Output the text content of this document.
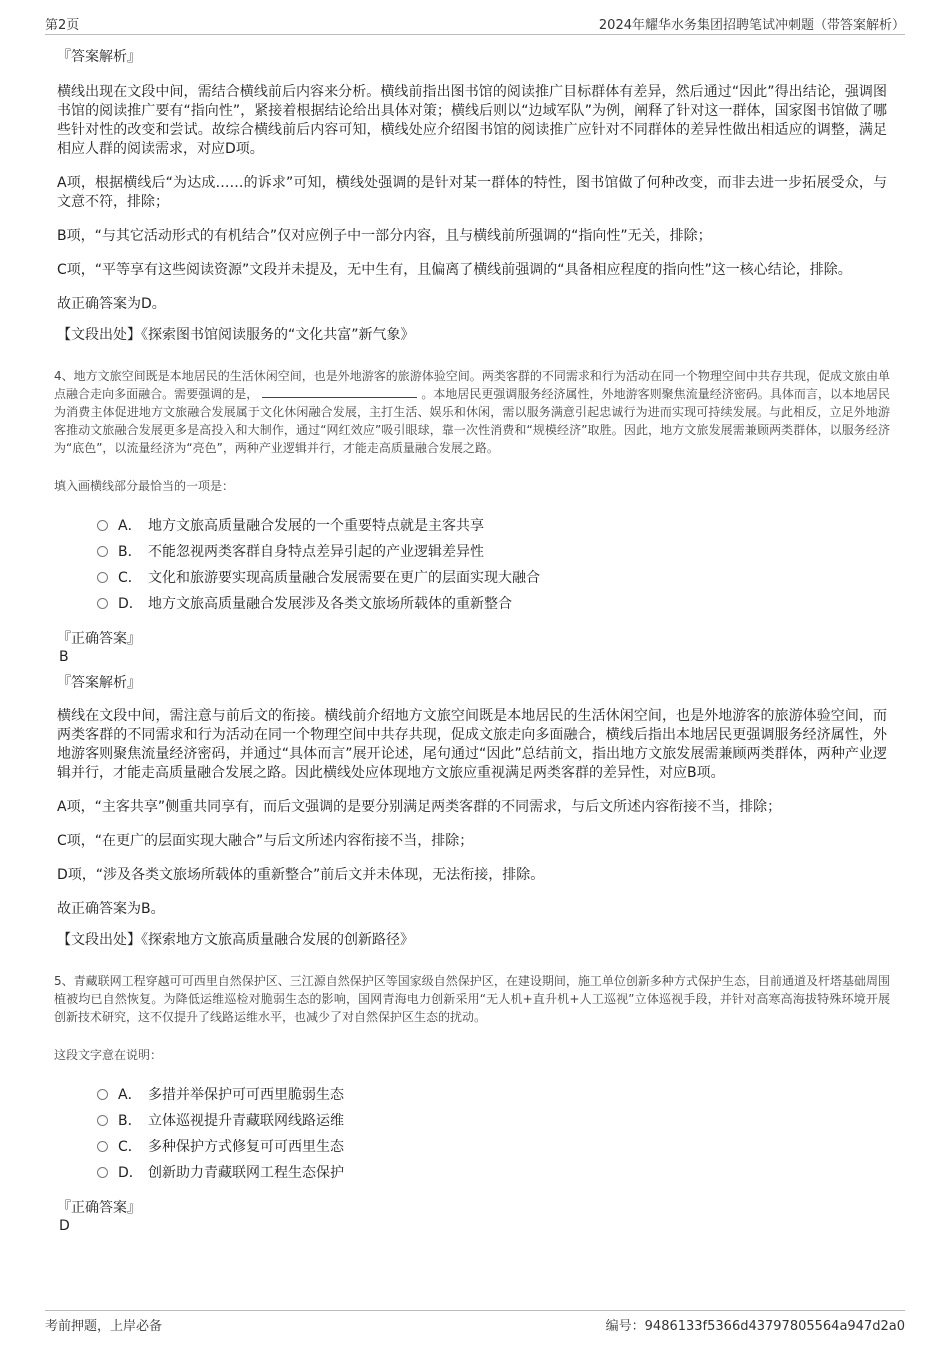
第2页	2024年耀华水务集团招聘笔试冲刺题（带答案解析）

『答案解析』

横线出现在文段中间，需结合横线前后内容来分析。横线前指出图书馆的阅读推广目标群体有差异，然后通过“因此”得出结论，强调图书馆的阅读推广要有“指向性”，紧接着根据结论给出具体对策；横线后则以“边域军队”为例，阐释了针对这一群体，国家图书馆做了哪些针对性的改变和尝试。故综合横线前后内容可知，横线处应介绍图书馆的阅读推广应针对不同群体的差异性做出相适应的调整，满足相应人群的阅读需求，对应D项。

A项，根据横线后“为达成……的诉求”可知，横线处强调的是针对某一群体的特性，图书馆做了何种改变，而非去进一步拓展受众，与文意不符，排除；

B项，“与其它活动形式的有机结合”仅对应例子中一部分内容，且与横线前所强调的“指向性”无关，排除；

C项，“平等享有这些阅读资源”文段并未提及，无中生有，且偏离了横线前强调的“具备相应程度的指向性”这一核心结论，排除。

故正确答案为D。

【文段出处】《探索图书馆阅读服务的“文化共富”新气象》

4、地方文旅空间既是本地居民的生活休闲空间，也是外地游客的旅游体验空间。两类客群的不同需求和行为活动在同一个物理空间中共存共现，促成文旅由单点融合走向多面融合。需要强调的是，	。本地居民更强调服务经济属性，外地游客则聚焦流量经济密码。具体而言，以本地居民为消费主体促进地方文旅融合发展属于文化休闲融合发展，主打生活、娱乐和休闲，需以服务满意引起忠诚行为进而实现可持续发展。与此相反，立足外地游客推动文旅融合发展更多是高投入和大制作，通过“网红效应”吸引眼球，靠一次性消费和“规模经济”取胜。因此，地方文旅发展需兼顾两类群体，以服务经济为“底色”，以流量经济为“亮色”，两种产业逻辑并行，才能走高质量融合发展之路。
填入画横线部分最恰当的一项是：
A． 地方文旅高质量融合发展的一个重要特点就是主客共享
B． 不能忽视两类客群自身特点差异引起的产业逻辑差异性
C． 文化和旅游要实现高质量融合发展需要在更广的层面实现大融合
D． 地方文旅高质量融合发展涉及各类文旅场所载体的重新整合

『正确答案』

B

『答案解析』

横线在文段中间，需注意与前后文的衔接。横线前介绍地方文旅空间既是本地居民的生活休闲空间，也是外地游客的旅游体验空间，而两类客群的不同需求和行为活动在同一个物理空间中共存共现，促成文旅走向多面融合，横线后指出本地居民更强调服务经济属性，外地游客则聚焦流量经济密码，并通过“具体而言”展开论述，尾句通过“因此”总结前文，指出地方文旅发展需兼顾两类群体，两种产业逻辑并行，才能走高质量融合发展之路。因此横线处应体现地方文旅应重视满足两类客群的差异性，对应B项。

A项，“主客共享”侧重共同享有，而后文强调的是要分别满足两类客群的不同需求，与后文所述内容衔接不当，排除；

C项，“在更广的层面实现大融合”与后文所述内容衔接不当，排除；

D项，“涉及各类文旅场所载体的重新整合”前后文并未体现，无法衔接，排除。

故正确答案为B。

【文段出处】《探索地方文旅高质量融合发展的创新路径》

5、青藏联网工程穿越可可西里自然保护区、三江源自然保护区等国家级自然保护区，在建设期间，施工单位创新多种方式保护生态，目前通道及杆塔基础周围植被均已自然恢复。为降低运维巡检对脆弱生态的影响，国网青海电力创新采用“无人机+直升机+人工巡视”立体巡视手段，并针对高寒高海拔特殊环境开展创新技术研究，这不仅提升了线路运维水平，也减少了对自然保护区生态的扰动。
这段文字意在说明：
A． 多措并举保护可可西里脆弱生态
B． 立体巡视提升青藏联网线路运维
C． 多种保护方式修复可可西里生态
D． 创新助力青藏联网工程生态保护

『正确答案』

D

考前押题，上岸必备	编号：9486133f5366d43797805564a947d2a0
